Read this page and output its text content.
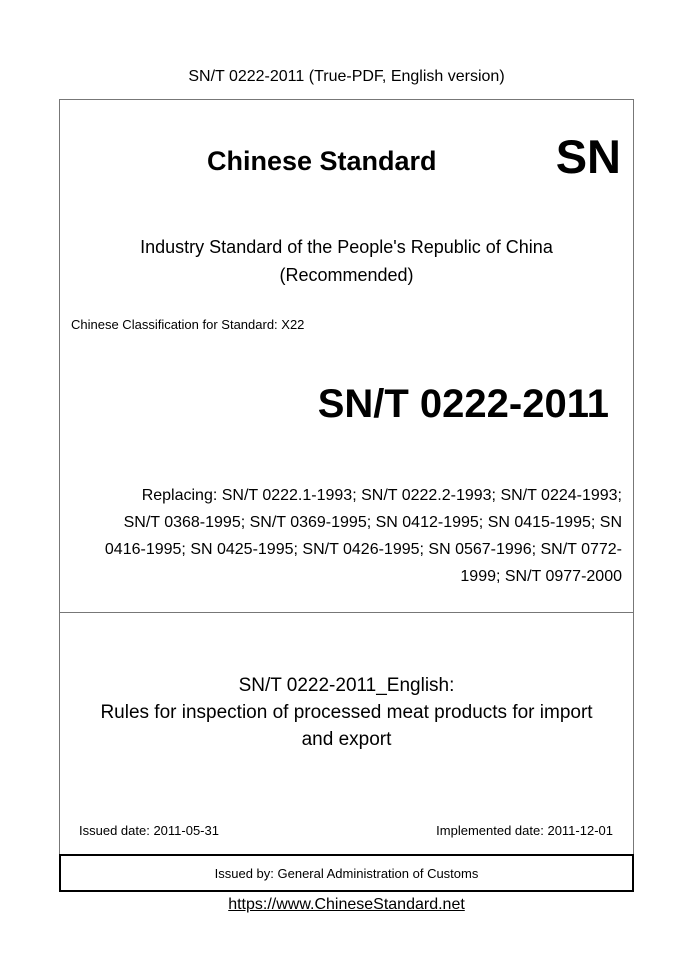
SN/T 0222-2011 (True-PDF, English version)
Chinese Standard	SN
Industry Standard of the People's Republic of China
(Recommended)
Chinese Classification for Standard: X22
SN/T 0222-2011
Replacing: SN/T 0222.1-1993; SN/T 0222.2-1993; SN/T 0224-1993;
SN/T 0368-1995; SN/T 0369-1995; SN 0412-1995; SN 0415-1995; SN
0416-1995; SN 0425-1995; SN/T 0426-1995; SN 0567-1996; SN/T 0772-
1999; SN/T 0977-2000
SN/T 0222-2011_English:
Rules for inspection of processed meat products for import
and export
Issued date: 2011-05-31	Implemented date: 2011-12-01
Issued by: General Administration of Customs
https://www.ChineseStandard.net
